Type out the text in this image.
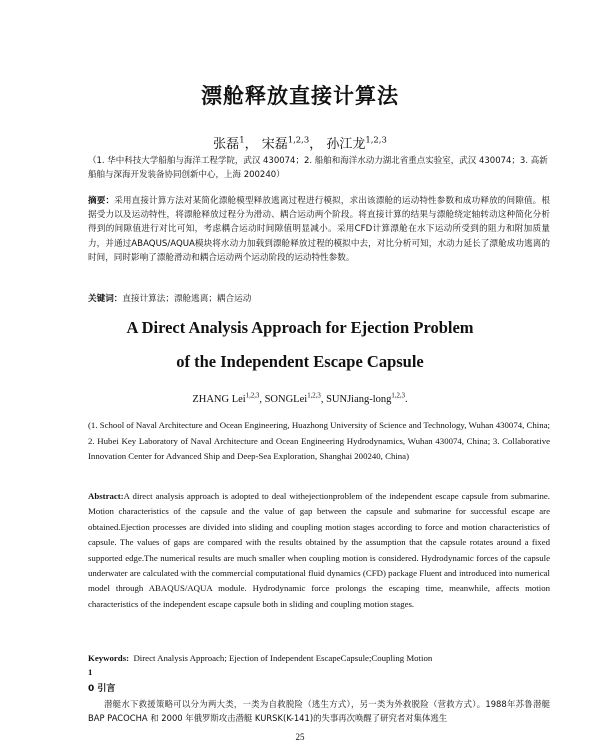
漂舱释放直接计算法
张磊$^1$， 宋磊$^{1,2,3}$， 孙江龙$^{1,2,3}$
（1. 华中科技大学船舶与海洋工程学院，武汉 430074；2. 船舶和海洋水动力湖北省重点实验室，武汉 430074；3. 高新船舶与深海开发装备协同创新中心，上海 200240）
摘要：采用直接计算方法对某简化漂舱模型释放逃离过程进行模拟，求出该漂舱的运动特性参数和成功释放的间隙值。根据受力以及运动特性，将漂舱释放过程分为滑动、耦合运动两个阶段。将直接计算的结果与漂舱绕定轴转动这种简化分析得到的间隙值进行对比可知，考虑耦合运动时间隙值明显减小。采用CFD计算漂舱在水下运动所受到的阻力和附加质量力，并通过ABAQUS/AQUA模块将水动力加载到漂舱释放过程的模拟中去，对比分析可知，水动力延长了漂舱成功逃离的时间，同时影响了漂舱滑动和耦合运动两个运动阶段的运动特性参数。
关键词：直接计算法；漂舱逃离；耦合运动
A Direct Analysis Approach for Ejection Problem
of the Independent Escape Capsule
ZHANG Lei$^{1,2,3}$, SONGLei$^{1,2,3}$, SUNJiang-long$^{1,2,3}$.
(1. School of Naval Architecture and Ocean Engineering, Huazhong University of Science and Technology, Wuhan 430074, China; 2. Hubei Key Laboratory of Naval Architecture and Ocean Engineering Hydrodynamics, Wuhan 430074, China; 3. Collaborative Innovation Center for Advanced Ship and Deep-Sea Exploration, Shanghai 200240, China)
Abstract:A direct analysis approach is adopted to deal withejectionproblem of the independent escape capsule from submarine. Motion characteristics of the capsule and the value of gap between the capsule and submarine for successful escape are obtained.Ejection processes are divided into sliding and coupling motion stages according to force and motion characteristics of capsule. The values of gaps are compared with the results obtained by the assumption that the capsule rotates around a fixed supported edge.The numerical results are much smaller when coupling motion is considered. Hydrodynamic forces of the capsule underwater are calculated with the commercial computational fluid dynamics (CFD) package Fluent and introduced into numerical model through ABAQUS/AQUA module. Hydrodynamic force prolongs the escaping time, meanwhile, affects motion characteristics of the independent escape capsule both in sliding and coupling motion stages.
Keywords: Direct Analysis Approach; Ejection of Independent EscapeCapsule;Coupling Motion
1
0 引言
潜艇水下救援策略可以分为两大类，一类为自救脱险（逃生方式），另一类为外救脱险（营救方式）。1988年苏鲁潜艇 BAP PACOCHA 和 2000 年俄罗斯攻击潜艇 KURSK(K-141)的失事再次唤醒了研究者对集体逃生
25
